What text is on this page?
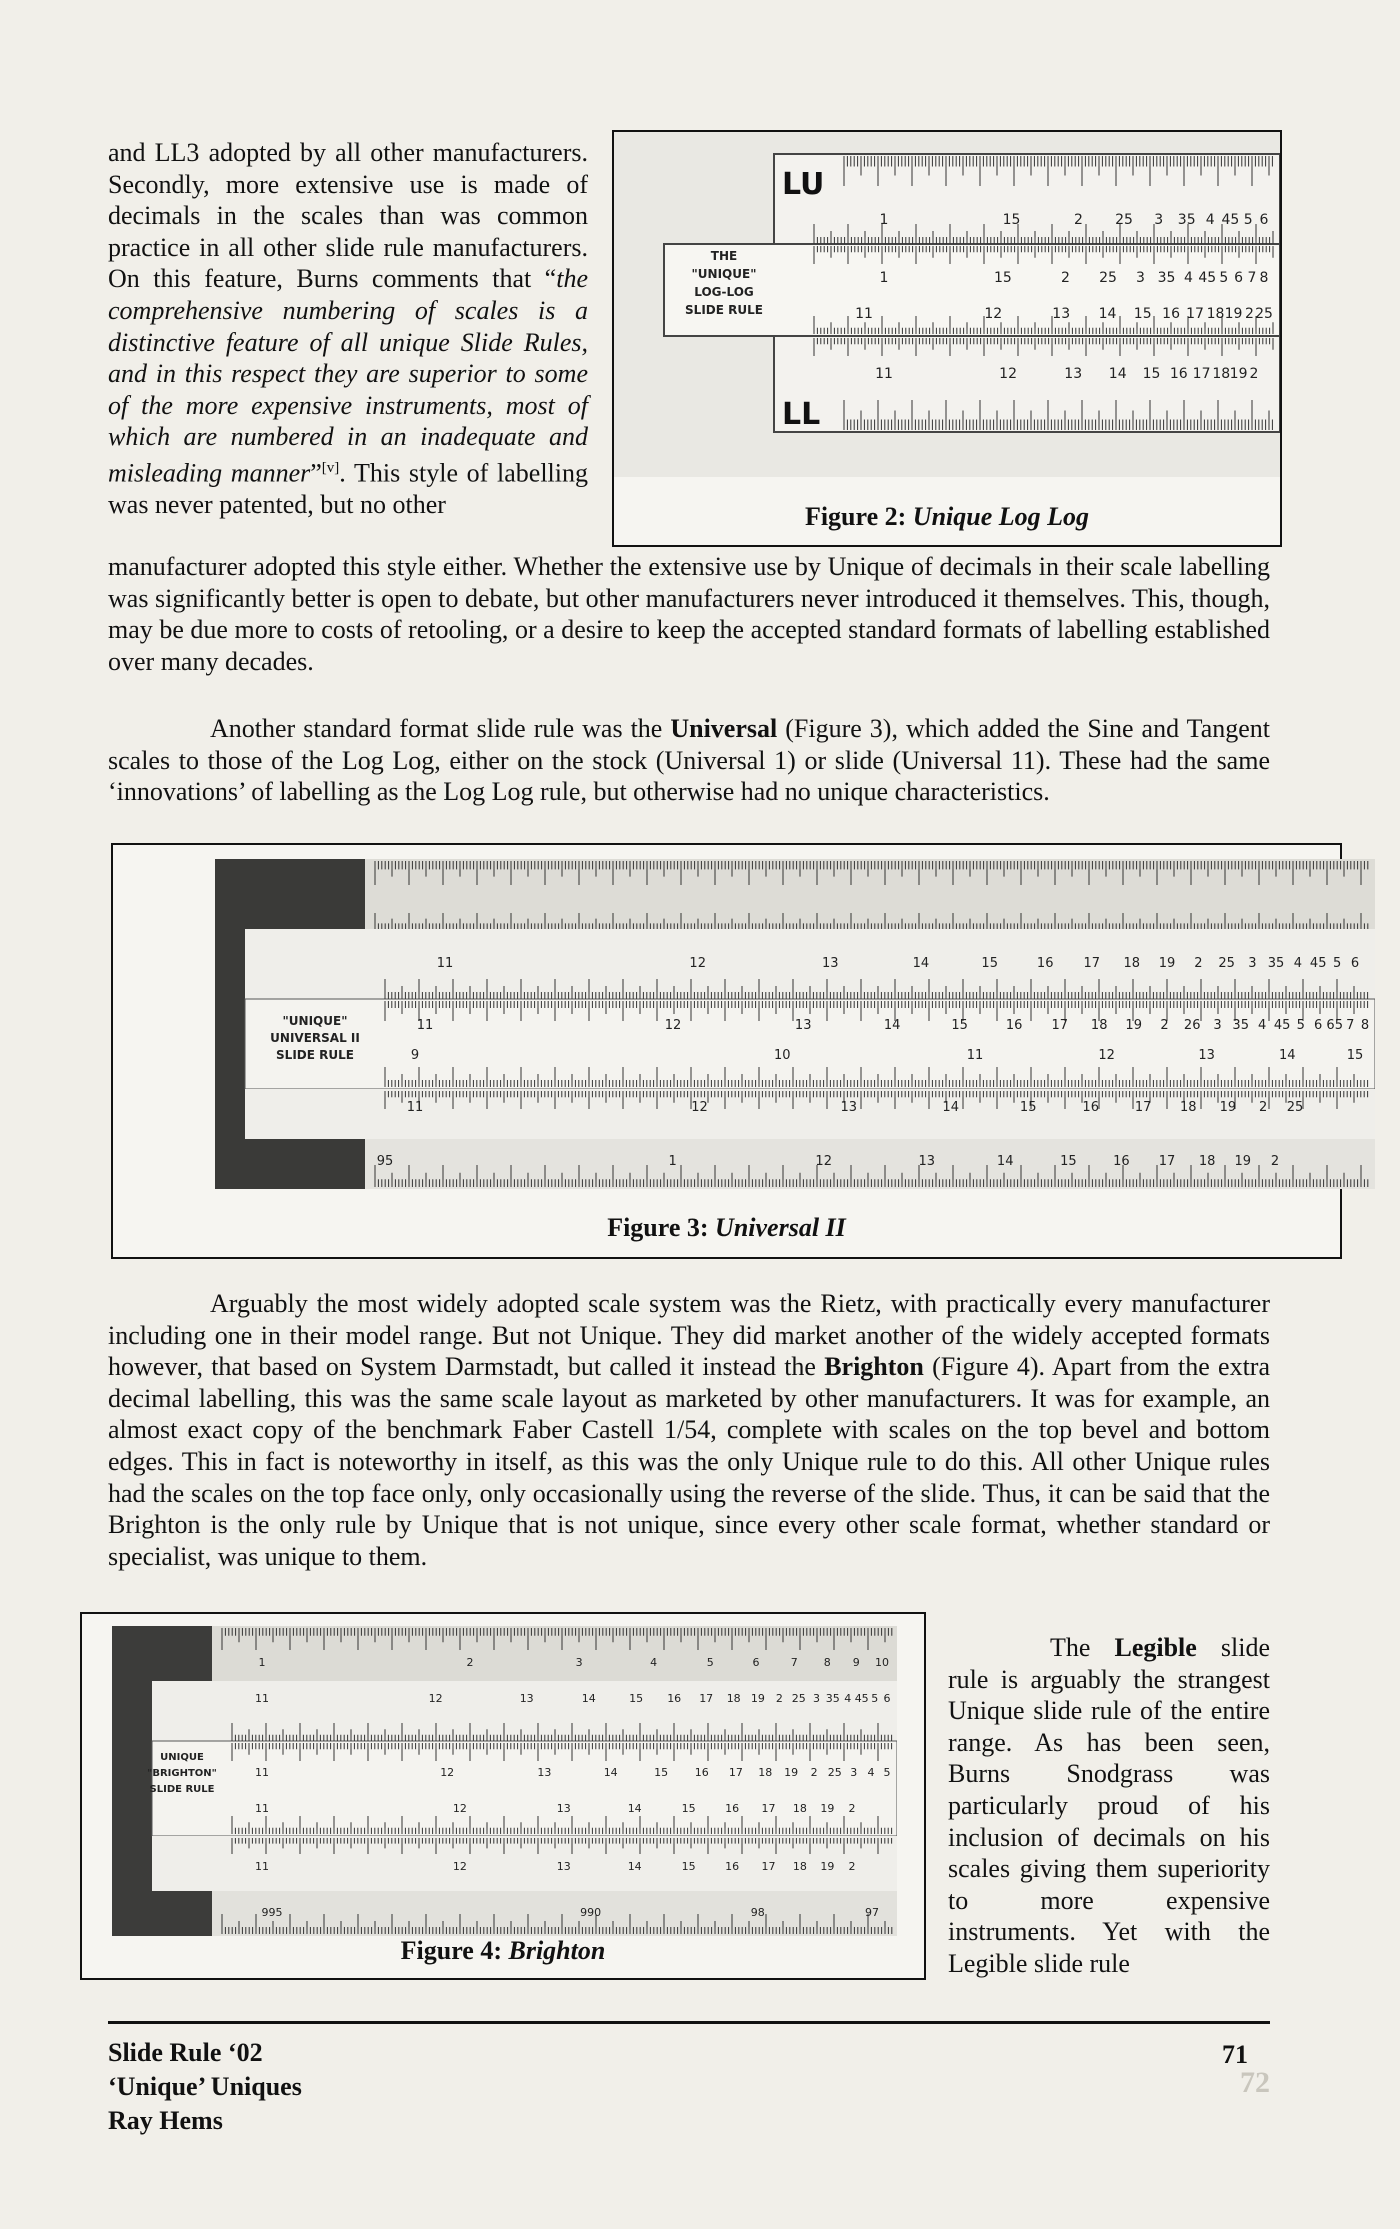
and LL3 adopted by all other manufacturers. Secondly, more extensive use is made of decimals in the scales than was common practice in all other slide rule manufacturers. On this feature, Burns comments that “the comprehensive numbering of scales is a distinctive feature of all unique Slide Rules, and in this respect they are superior to some of the more expensive instruments, most of which are numbered in an inadequate and misleading manner”[v]. This style of labelling was never patented, but no other

manufacturer adopted this style either. Whether the extensive use by Unique of decimals in their scale labelling was significantly better is open to debate, but other manufacturers never introduced it themselves. This, though, may be due more to costs of retooling, or a desire to keep the accepted standard formats of labelling established over many decades.

LU
LL
1	15	2 25 3 35 4 45 5 6
1	15	2 25 3 35 4 45 5 6 7 8
11	12	13 14 15 16 17 18 19 2 25
11	12	13 14 15 16 17 18 19 2
THE
"UNIQUE"
LOG-LOG
SLIDE RULE
Figure 2: Unique Log Log

Another standard format slide rule was the Universal (Figure 3), which added the Sine and Tangent scales to those of the Log Log, either on the stock (Universal 1) or slide (Universal 11). These had the same ‘innovations’ of labelling as the Log Log rule, but otherwise had no unique characteristics.

11	12	13	14	15	16 17 18 19 2 25 3 35 4 45 5 6
11	12	13	14	15	16 17 18 19 2 26 3 35 4 45 5 6 65 7 8
9	10	11	12	13	14	15
11	12	13	14	15	16	17 18 19 2 25
95	1	12	13	14	15	16 17 18 19 2
"UNIQUE"
UNIVERSAL II
SLIDE RULE
Figure 3: Universal II

Arguably the most widely adopted scale system was the Rietz, with practically every manufacturer including one in their model range. But not Unique. They did market another of the widely accepted formats however, that based on System Darmstadt, but called it instead the Brighton (Figure 4). Apart from the extra decimal labelling, this was the same scale layout as marketed by other manufacturers. It was for example, an almost exact copy of the benchmark Faber Castell 1/54, complete with scales on the top bevel and bottom edges. This in fact is noteworthy in itself, as this was the only Unique rule to do this. All other Unique rules had the scales on the top face only, only occasionally using the reverse of the slide. Thus, it can be said that the Brighton is the only rule by Unique that is not unique, since every other scale format, whether standard or specialist, was unique to them.

1	2	3	4	5	6	7 8 9 10
11	12	13	14	15 16 17 18 19 2 25 3 35 4 45 5 6
11	12	13	14	15 16 17 18 19 2 25 3 4 5
11	12	13	14	15	16 17 18 19 2
11	12	13	14	15	16 17 18 19 2
995	990	98	97
UNIQUE
"BRIGHTON"
SLIDE RULE
Figure 4: Brighton

The Legible slide rule is arguably the strangest Unique slide rule of the entire range. As has been seen, Burns Snodgrass was particularly proud of his inclusion of decimals on his scales giving them superiority to more expensive instruments. Yet with the Legible slide rule

Slide Rule ‘02
‘Unique’ Uniques
Ray Hems
71
72
